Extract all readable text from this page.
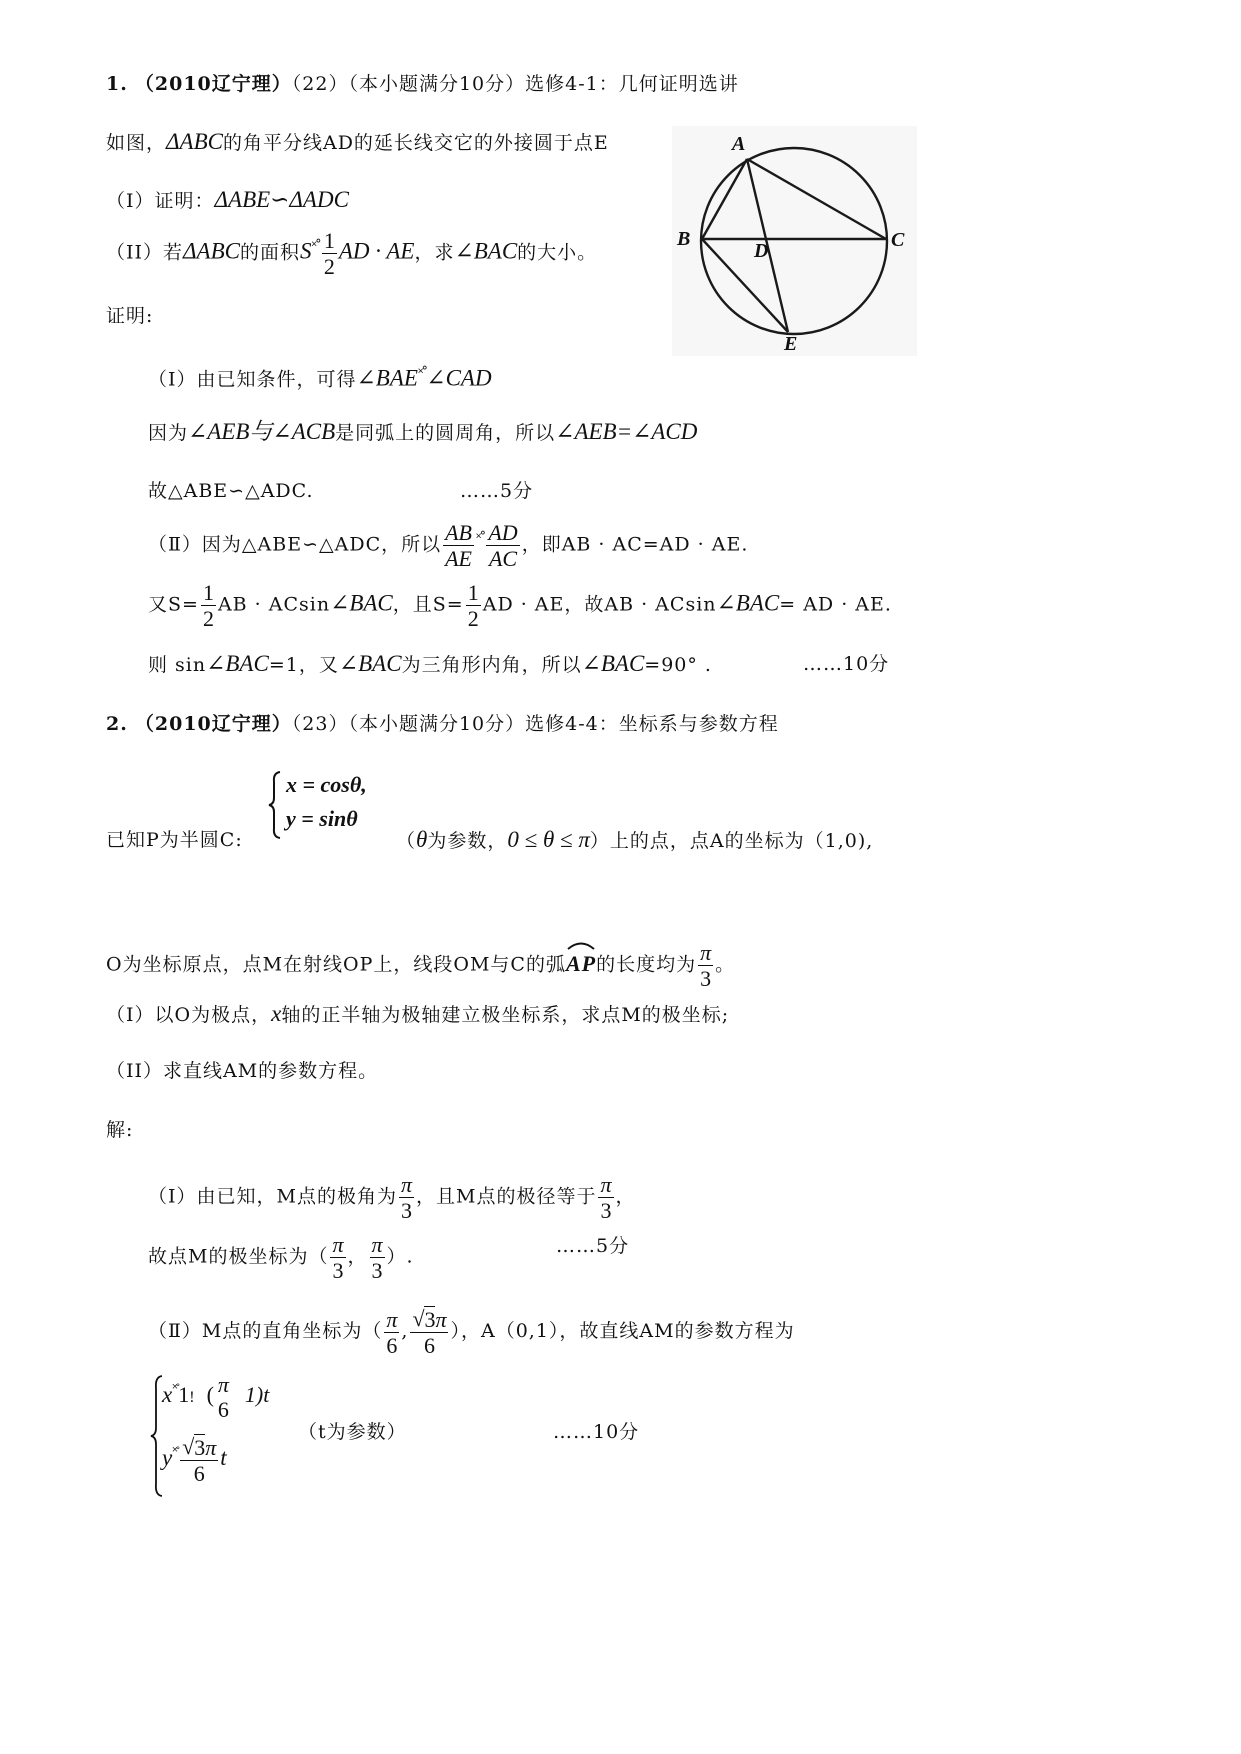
1. （2010辽宁理）（22）（本小题满分10分）选修4-1：几何证明选讲
如图，ΔABC的角平分线AD的延长线交它的外接圆于点E
（I）证明：ΔABE∽ΔADC
（II）若ΔABC的面积$S^{˟˚} \frac{1}{2}$ AD · AE，求∠BAC的大小。
证明:
（Ⅰ）由已知条件，可得∠BAE˟˚∠CAD
因为∠AEB与∠ACB是同弧上的圆周角，所以∠AEB=∠ACD
故△ABE∽△ADC.	……5分
（Ⅱ）因为△ABE∽△ADC，所以 $\frac{AB}{AE} ^{˟˚} \frac{AD}{AC}$ ，即AB · AC=AD · AE.
又$S= \frac{1}{2}$ AB · ACsin∠BAC，且$S= \frac{1}{2}$ AD · AE，故AB · ACsin∠BAC= AD · AE.
则 sin∠BAC=1，又∠BAC为三角形内角，所以∠BAC=90° .	……10分
A
B	C
D
E
2. （2010辽宁理）（23）（本小题满分10分）选修4-4：坐标系与参数方程
x = cosθ,
y = sinθ
已知P为半圆C:	（θ为参数，0 ≤ θ ≤ π）上的点，点A的坐标为（1,0),
O为坐标原点，点M在射线OP上，线段OM与C的弧
AP的长度均为 $\frac{\pi}{3}$ 。
（I）以O为极点，x轴的正半轴为极轴建立极坐标系，求点M的极坐标;
（II）求直线AM的参数方程。
解:
（Ⅰ）由已知，M点的极角为 $\frac{\pi}{3}$ ，且M点的极径等于 $\frac{\pi}{3}$ ，
故点M的极坐标为（ $\frac{\pi}{3}$ ， $\frac{\pi}{3}$ ）.	……5分
（Ⅱ）M点的直角坐标为（ $\frac{\pi}{6}$ , $\frac{√ 3\pi}{6}$ ），A（0,1），故直线AM的参数方程为
x˟˚1! ( π
6
1)t
$y^{˟˚} \frac{√ 3\pi}{6}$ t
（t为参数）	……10分
